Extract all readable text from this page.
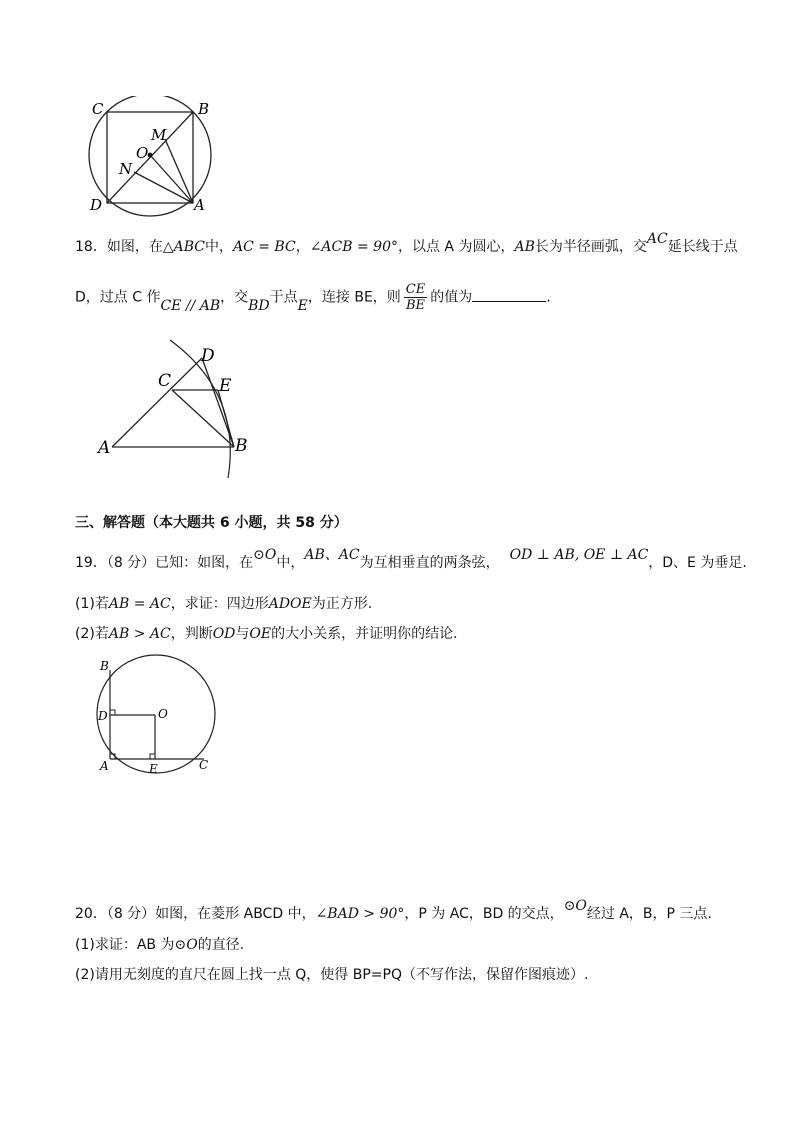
C	B
M
O
N
D	A
18．如图，在△ABC中，AC = BC，∠ACB = 90°，以点 A 为圆心，AB长为半径画弧，交AC延长线于点
D，过点 C 作CE // AB，交BD于点E，连接 BE，则 $\frac{CE}{BE}$ 的值为	.
D
C	E
A	B
三、解答题（本大题共 6 小题，共 58 分）
19．（8 分）已知：如图，在⊙O中，AB、AC为互相垂直的两条弦， OD ⊥ AB, OE ⊥ AC，D、E 为垂足.
(1)若AB = AC，求证：四边形ADOE为正方形.
(2)若AB > AC，判断OD与OE的大小关系，并证明你的结论.
B
D	O
A	E	C
20．（8 分）如图，在菱形 ABCD 中，∠BAD > 90°，P 为 AC，BD 的交点，⊙O经过 A，B，P 三点.
(1)求证：AB 为⊙O的直径.
(2)请用无刻度的直尺在圆上找一点 Q，使得 BP=PQ（不写作法，保留作图痕迹）.
